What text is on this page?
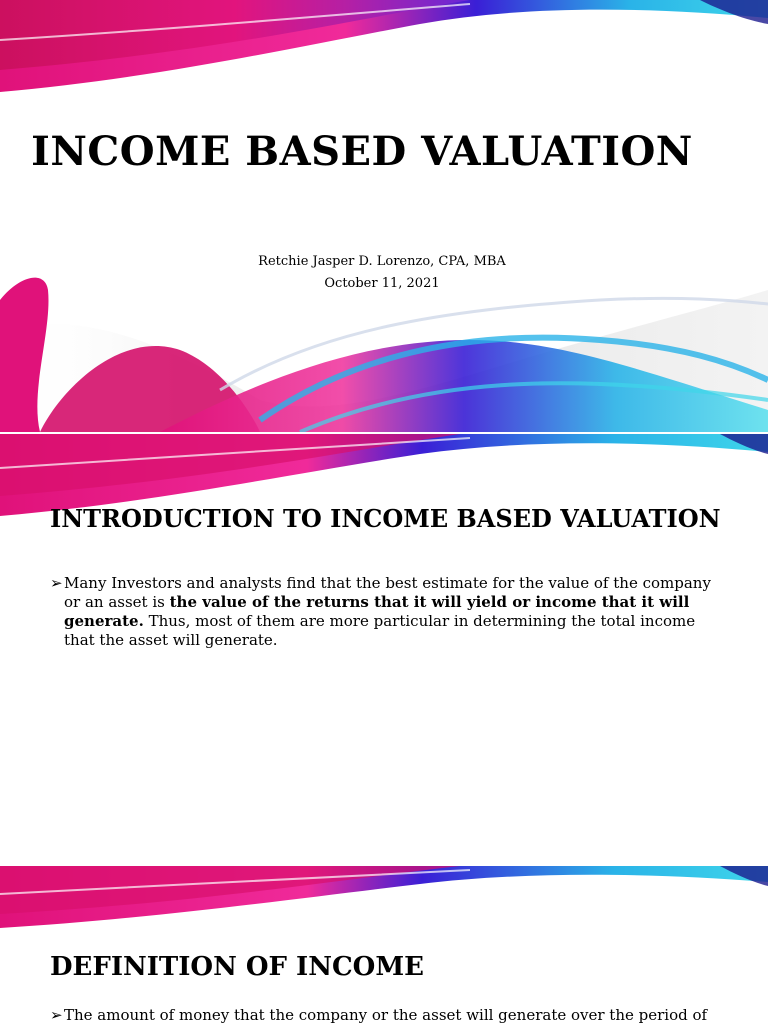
INCOME BASED VALUATION
Retchie Jasper D. Lorenzo, CPA, MBA
October 11, 2021
INTRODUCTION TO INCOME BASED VALUATION
➢ Many Investors and analysts find that the best estimate for the value of the company or an asset is the value of the returns that it will yield or income that it will generate. Thus, most of them are more particular in determining the total income that the asset will generate.
DEFINITION OF INCOME
➢ The amount of money that the company or the asset will generate over the period of
